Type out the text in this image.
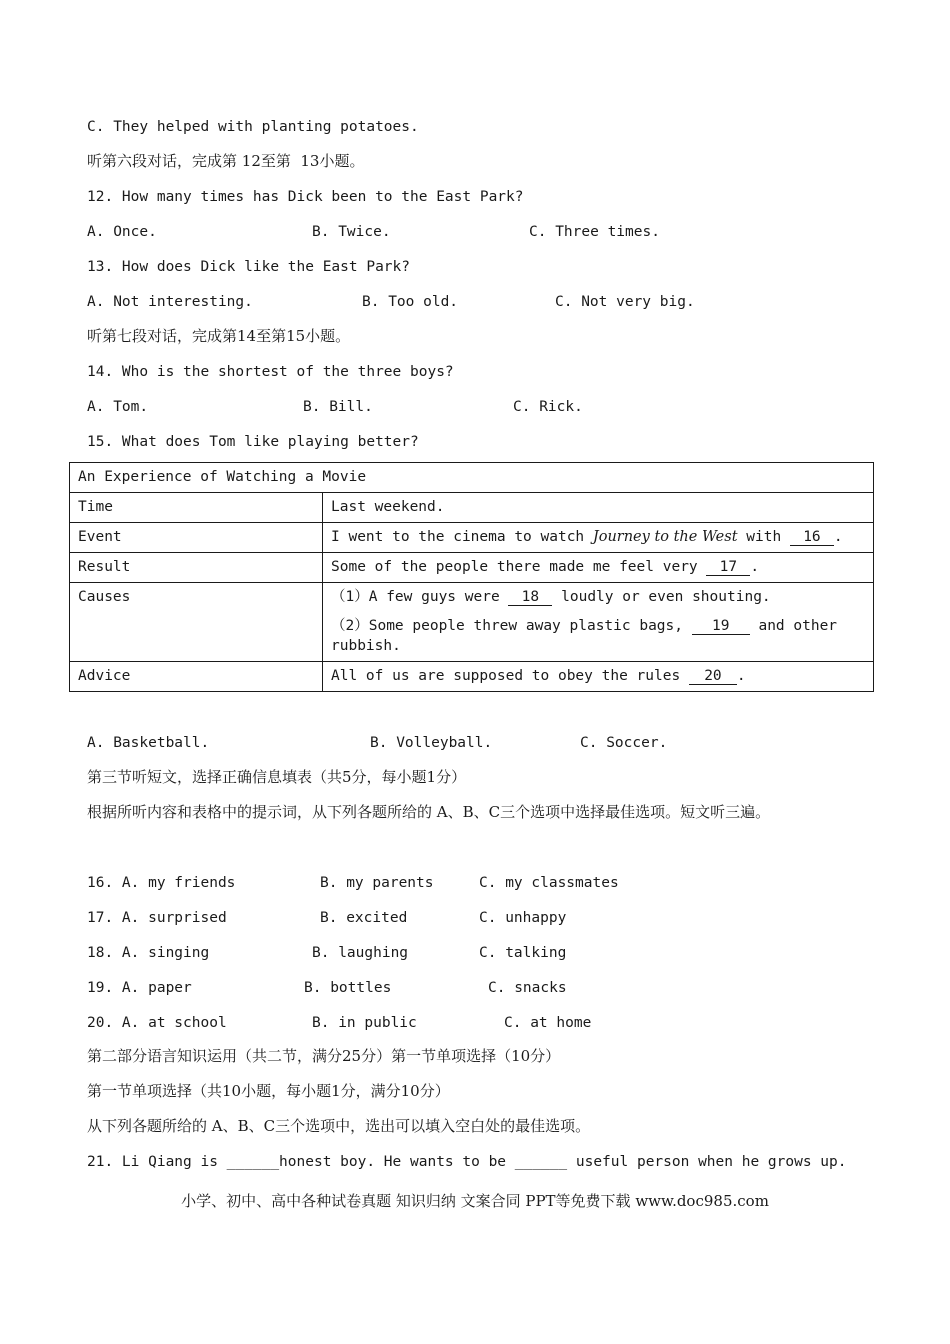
C. They helped with planting potatoes.
听第六段对话，完成第 12至第  13小题。
12. How many times has Dick been to the East Park?
A. Once.	B. Twice.	C. Three times.
13. How does Dick like the East Park?
A. Not interesting.	B. Too old.	C. Not very big.
听第七段对话，完成第14至第15小题。
14. Who is the shortest of the three boys?
A. Tom.	B. Bill.	C. Rick.
15. What does Tom like playing better?
An Experience of Watching a Movie	
Time	Last weekend.
Event	I went to the cinema to watch Journey to the West with 16 .
Result	Some of the people there made me feel very 17 .
Causes	（1）A few guys were 18 loudly or even shouting.
（2）Some people threw away plastic bags, 19 and other rubbish.

Advice	All of us are supposed to obey the rules 20 .
A. Basketball.	B. Volleyball.	C. Soccer.
第三节听短文，选择正确信息填表（共5分，每小题1分）
根据所听内容和表格中的提示词，从下列各题所给的 A、B、C三个选项中选择最佳选项。短文听三遍。
16. A. my friends	B. my parents	C. my classmates
17. A. surprised	B. excited	C. unhappy
18. A. singing	B. laughing	C. talking
19. A. paper	B. bottles	C. snacks
20. A. at school	B. in public	C. at home
第二部分语言知识运用（共二节，满分25分）第一节单项选择（10分）
第一节单项选择（共10小题，每小题1分，满分10分）
从下列各题所给的 A、B、C三个选项中，选出可以填入空白处的最佳选项。
21. Li Qiang is ______honest boy. He wants to be ______ useful person when he grows up.
小学、初中、高中各种试卷真题 知识归纳 文案合同 PPT等免费下载 www.doc985.com
